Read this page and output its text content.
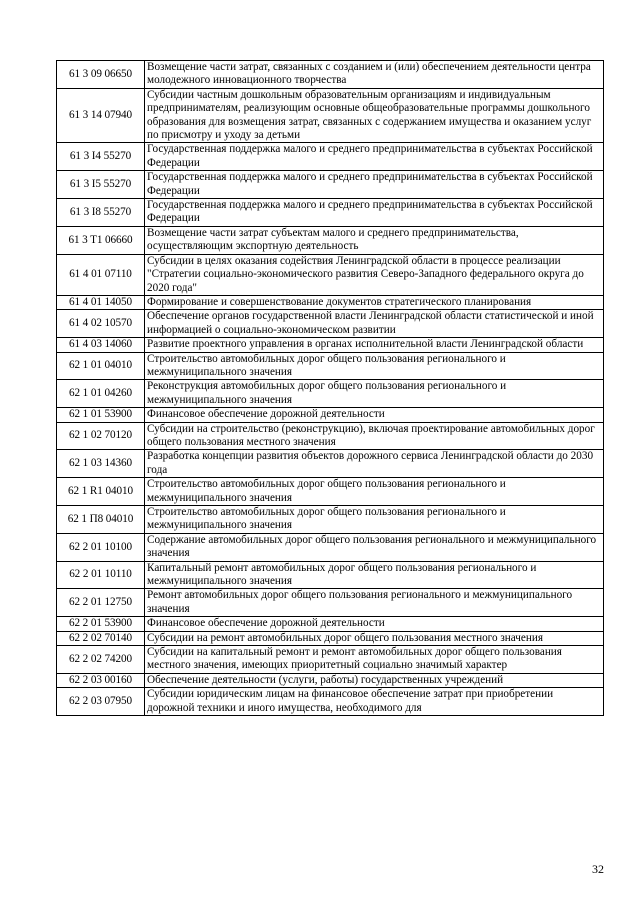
61 3 09 06650	Возмещение части затрат, связанных с созданием и (или) обеспечением деятельности центра молодежного инновационного творчества
61 3 14 07940	Субсидии частным дошкольным образовательным организациям и индивидуальным предпринимателям, реализующим основные общеобразовательные программы дошкольного образования для возмещения затрат, связанных с содержанием имущества и оказанием услуг по присмотру и уходу за детьми
61 3 I4 55270	Государственная поддержка малого и среднего предпринимательства в субъектах Российской Федерации
61 3 I5 55270	Государственная поддержка малого и среднего предпринимательства в субъектах Российской Федерации
61 3 I8 55270	Государственная поддержка малого и среднего предпринимательства в субъектах Российской Федерации
61 3 T1 06660	Возмещение части затрат субъектам малого и среднего предпринимательства, осуществляющим экспортную деятельность
61 4 01 07110	Субсидии в целях оказания содействия Ленинградской области в процессе реализации "Стратегии социально-экономического развития Северо-Западного федерального округа до 2020 года"
61 4 01 14050	Формирование и совершенствование документов стратегического планирования
61 4 02 10570	Обеспечение органов государственной власти Ленинградской области статистической и иной информацией о социально-экономическом развитии
61 4 03 14060	Развитие проектного управления в органах исполнительной власти Ленинградской области
62 1 01 04010	Строительство автомобильных дорог общего пользования регионального и межмуниципального значения
62 1 01 04260	Реконструкция автомобильных дорог общего пользования регионального и межмуниципального значения
62 1 01 53900	Финансовое обеспечение дорожной деятельности
62 1 02 70120	Субсидии на строительство (реконструкцию), включая проектирование автомобильных дорог общего пользования местного значения
62 1 03 14360	Разработка концепции развития объектов дорожного сервиса Ленинградской области до 2030 года
62 1 R1 04010	Строительство автомобильных дорог общего пользования регионального и межмуниципального значения
62 1 П8 04010	Строительство автомобильных дорог общего пользования регионального и межмуниципального значения
62 2 01 10100	Содержание автомобильных дорог общего пользования регионального и межмуниципального значения
62 2 01 10110	Капитальный ремонт автомобильных дорог общего пользования регионального и межмуниципального значения
62 2 01 12750	Ремонт автомобильных дорог общего пользования регионального и межмуниципального значения
62 2 01 53900	Финансовое обеспечение дорожной деятельности
62 2 02 70140	Субсидии на ремонт автомобильных дорог общего пользования местного значения
62 2 02 74200	Субсидии на капитальный ремонт и ремонт автомобильных дорог общего пользования местного значения, имеющих приоритетный социально значимый характер
62 2 03 00160	Обеспечение деятельности (услуги, работы) государственных учреждений
62 2 03 07950	Субсидии юридическим лицам на финансовое обеспечение затрат при приобретении дорожной техники и иного имущества, необходимого для
32
